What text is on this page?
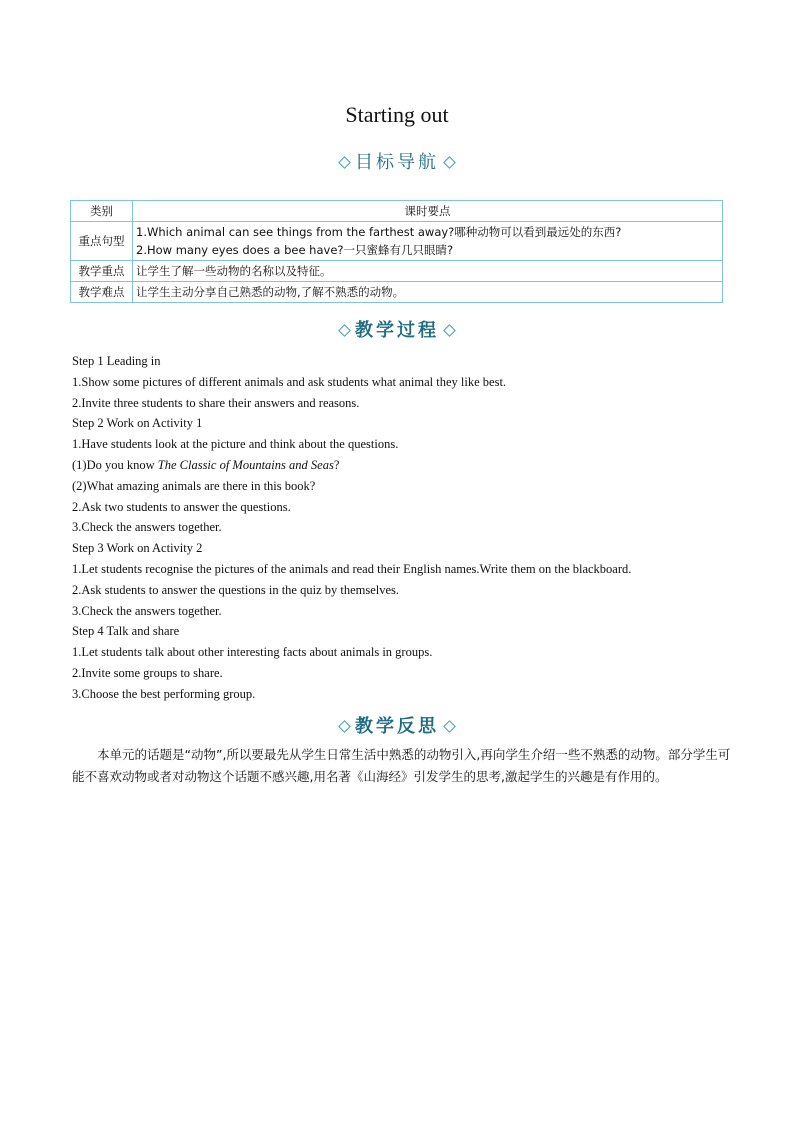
Starting out
目标导航
类别	课时要点
重点句型	1.Which animal can see things from the farthest away?哪种动物可以看到最远处的东西?
2.How many eyes does a bee have?一只蜜蜂有几只眼睛?

教学重点	让学生了解一些动物的名称以及特征。
教学难点	让学生主动分享自己熟悉的动物,了解不熟悉的动物。
教学过程
Step 1 Leading in
1.Show some pictures of different animals and ask students what animal they like best.
2.Invite three students to share their answers and reasons.
Step 2 Work on Activity 1
1.Have students look at the picture and think about the questions.
(1)Do you know The Classic of Mountains and Seas?
(2)What amazing animals are there in this book?
2.Ask two students to answer the questions.
3.Check the answers together.
Step 3 Work on Activity 2
1.Let students recognise the pictures of the animals and read their English names.Write them on the blackboard.
2.Ask students to answer the questions in the quiz by themselves.
3.Check the answers together.
Step 4 Talk and share
1.Let students talk about other interesting facts about animals in groups.
2.Invite some groups to share.
3.Choose the best performing group.
教学反思
本单元的话题是“动物”,所以要最先从学生日常生活中熟悉的动物引入,再向学生介绍一些不熟悉的动物。部分学生可能不喜欢动物或者对动物这个话题不感兴趣,用名著《山海经》引发学生的思考,激起学生的兴趣是有作用的。
